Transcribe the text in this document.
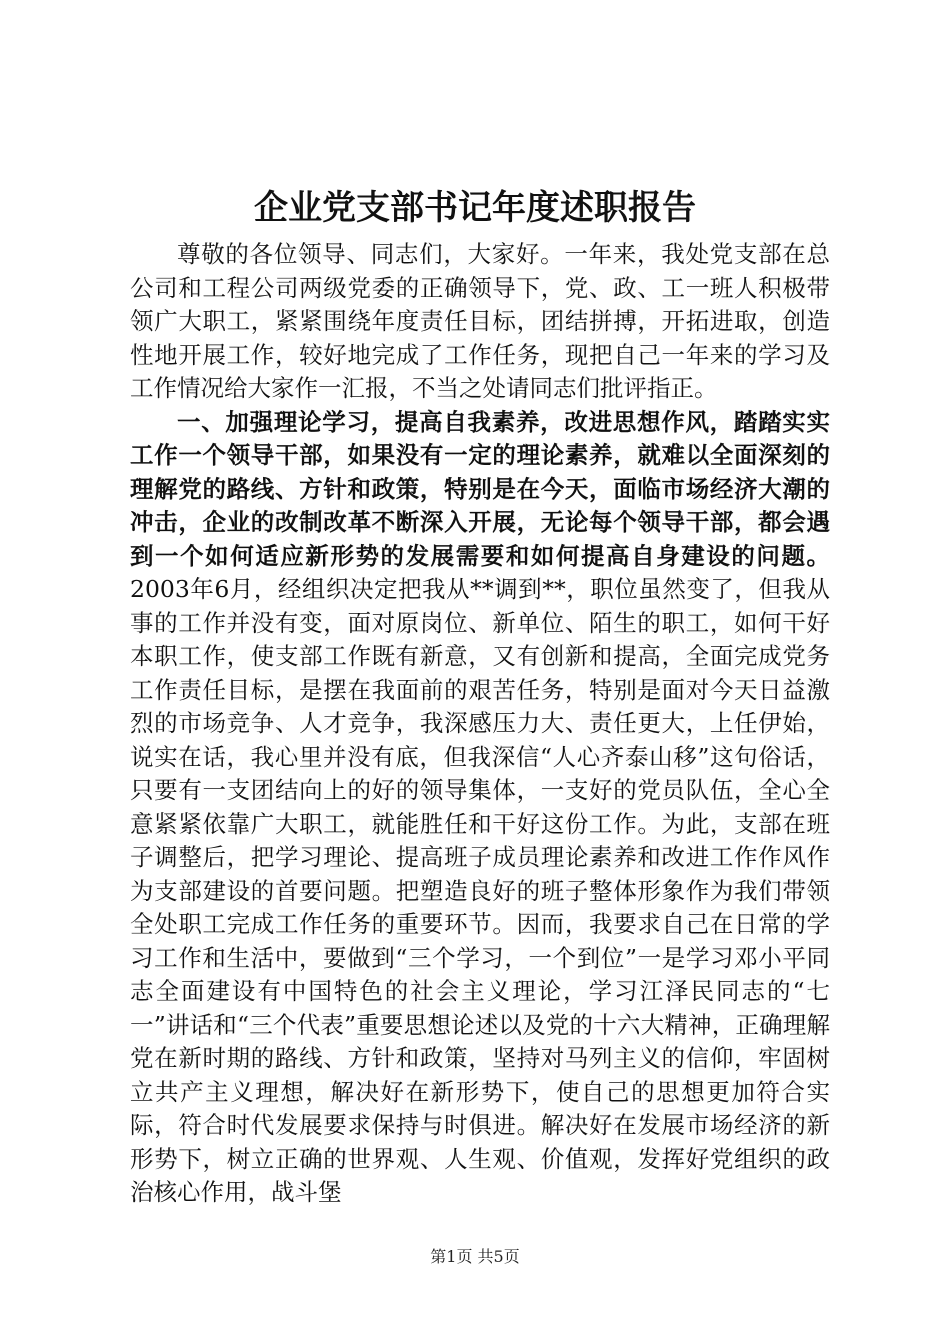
企业党支部书记年度述职报告

尊敬的各位领导、同志们，大家好。一年来，我处党支部在总公司和工程公司两级党委的正确领导下，党、政、工一班人积极带领广大职工，紧紧围绕年度责任目标，团结拼搏，开拓进取，创造性地开展工作，较好地完成了工作任务，现把自己一年来的学习及工作情况给大家作一汇报，不当之处请同志们批评指正。

一、加强理论学习，提高自我素养，改进思想作风，踏踏实实工作一个领导干部，如果没有一定的理论素养，就难以全面深刻的理解党的路线、方针和政策，特别是在今天，面临市场经济大潮的冲击，企业的改制改革不断深入开展，无论每个领导干部，都会遇到一个如何适应新形势的发展需要和如何提高自身建设的问题。2003年6月，经组织决定把我从**调到**，职位虽然变了，但我从事的工作并没有变，面对原岗位、新单位、陌生的职工，如何干好本职工作，使支部工作既有新意，又有创新和提高，全面完成党务工作责任目标，是摆在我面前的艰苦任务，特别是面对今天日益激烈的市场竞争、人才竞争，我深感压力大、责任更大，上任伊始，说实在话，我心里并没有底，但我深信“人心齐泰山移”这句俗话，只要有一支团结向上的好的领导集体，一支好的党员队伍，全心全意紧紧依靠广大职工，就能胜任和干好这份工作。为此，支部在班子调整后，把学习理论、提高班子成员理论素养和改进工作作风作为支部建设的首要问题。把塑造良好的班子整体形象作为我们带领全处职工完成工作任务的重要环节。因而，我要求自己在日常的学习工作和生活中，要做到“三个学习，一个到位”一是学习邓小平同志全面建设有中国特色的社会主义理论，学习江泽民同志的“七一”讲话和“三个代表”重要思想论述以及党的十六大精神，正确理解党在新时期的路线、方针和政策，坚持对马列主义的信仰，牢固树立共产主义理想，解决好在新形势下，使自己的思想更加符合实际，符合时代发展要求保持与时俱进。解决好在发展市场经济的新形势下，树立正确的世界观、人生观、价值观，发挥好党组织的政治核心作用，战斗堡

第1页 共5页
